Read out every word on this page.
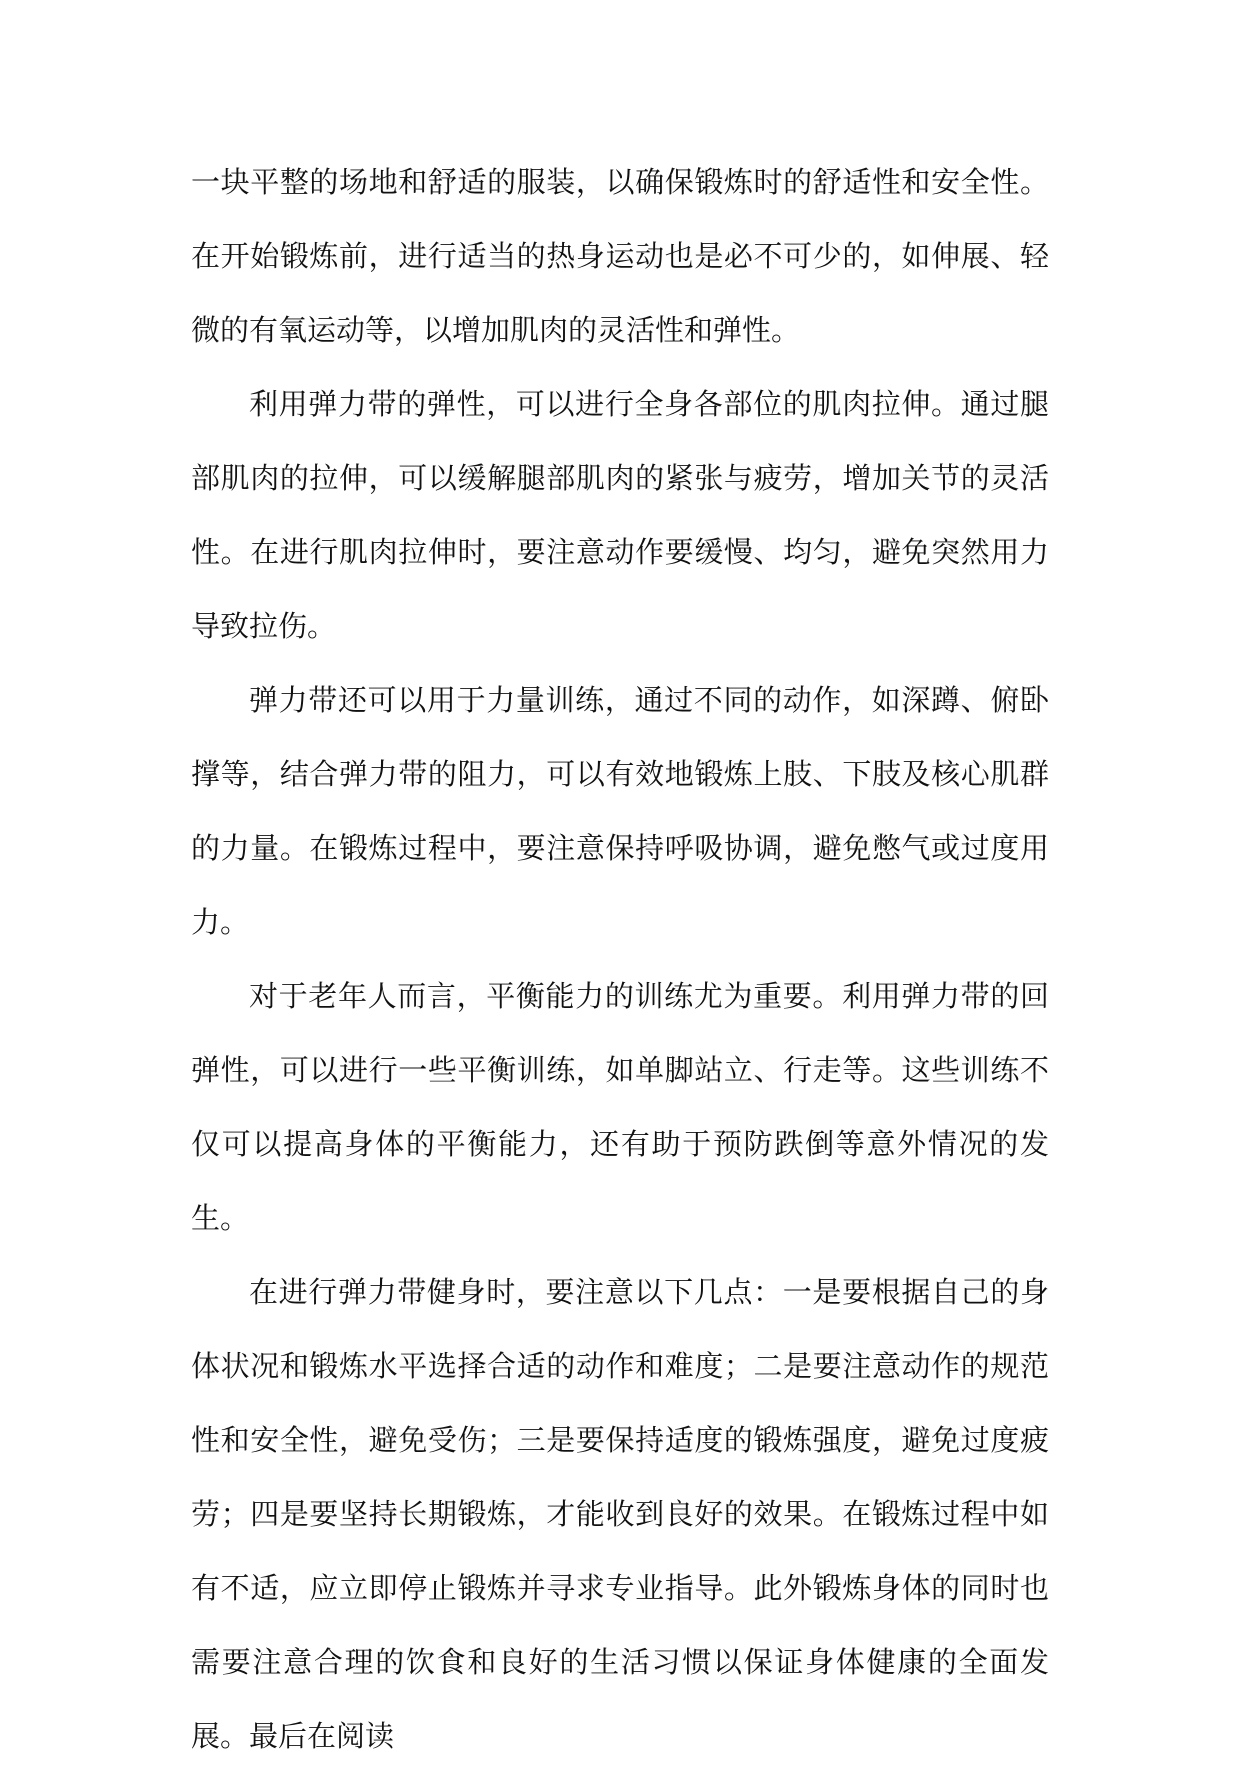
一块平整的场地和舒适的服装，以确保锻炼时的舒适性和安全性。在开始锻炼前，进行适当的热身运动也是必不可少的，如伸展、轻微的有氧运动等，以增加肌肉的灵活性和弹性。

利用弹力带的弹性，可以进行全身各部位的肌肉拉伸。通过腿部肌肉的拉伸，可以缓解腿部肌肉的紧张与疲劳，增加关节的灵活性。在进行肌肉拉伸时，要注意动作要缓慢、均匀，避免突然用力导致拉伤。

弹力带还可以用于力量训练，通过不同的动作，如深蹲、俯卧撑等，结合弹力带的阻力，可以有效地锻炼上肢、下肢及核心肌群的力量。在锻炼过程中，要注意保持呼吸协调，避免憋气或过度用力。

对于老年人而言，平衡能力的训练尤为重要。利用弹力带的回弹性，可以进行一些平衡训练，如单脚站立、行走等。这些训练不仅可以提高身体的平衡能力，还有助于预防跌倒等意外情况的发生。

在进行弹力带健身时，要注意以下几点：一是要根据自己的身体状况和锻炼水平选择合适的动作和难度；二是要注意动作的规范性和安全性，避免受伤；三是要保持适度的锻炼强度，避免过度疲劳；四是要坚持长期锻炼，才能收到良好的效果。在锻炼过程中如有不适，应立即停止锻炼并寻求专业指导。此外锻炼身体的同时也需要注意合理的饮食和良好的生活习惯以保证身体健康的全面发展。最后在阅读
